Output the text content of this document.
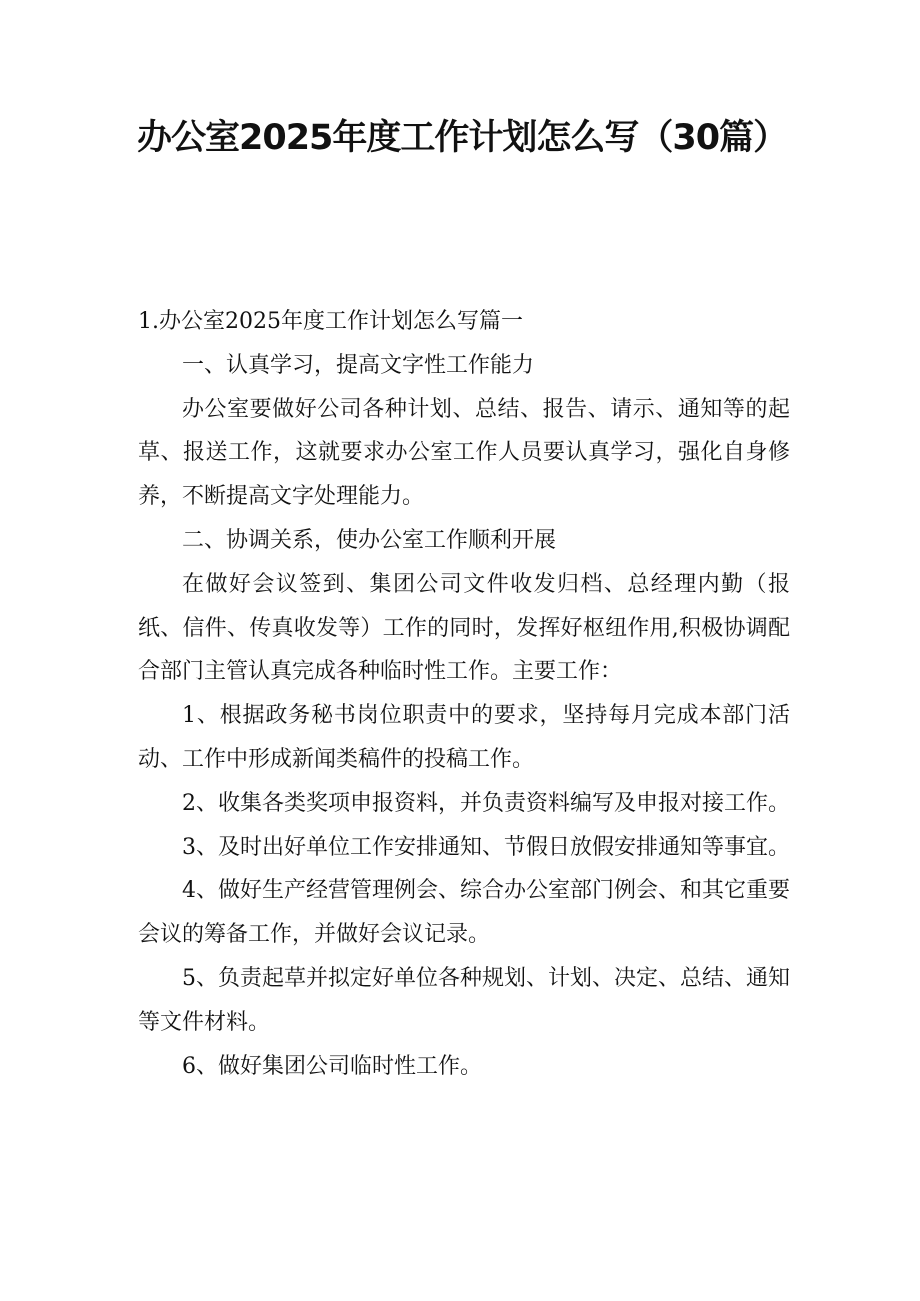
办公室2025年度工作计划怎么写（30篇）
1.办公室2025年度工作计划怎么写篇一

一、认真学习，提高文字性工作能力

办公室要做好公司各种计划、总结、报告、请示、通知等的起草、报送工作，这就要求办公室工作人员要认真学习，强化自身修养，不断提高文字处理能力。

二、协调关系，使办公室工作顺利开展

在做好会议签到、集团公司文件收发归档、总经理内勤（报纸、信件、传真收发等）工作的同时，发挥好枢纽作用,积极协调配合部门主管认真完成各种临时性工作。主要工作：

1、根据政务秘书岗位职责中的要求，坚持每月完成本部门活动、工作中形成新闻类稿件的投稿工作。

2、收集各类奖项申报资料，并负责资料编写及申报对接工作。

3、及时出好单位工作安排通知、节假日放假安排通知等事宜。

4、做好生产经营管理例会、综合办公室部门例会、和其它重要会议的筹备工作，并做好会议记录。

5、负责起草并拟定好单位各种规划、计划、决定、总结、通知等文件材料。

6、做好集团公司临时性工作。
